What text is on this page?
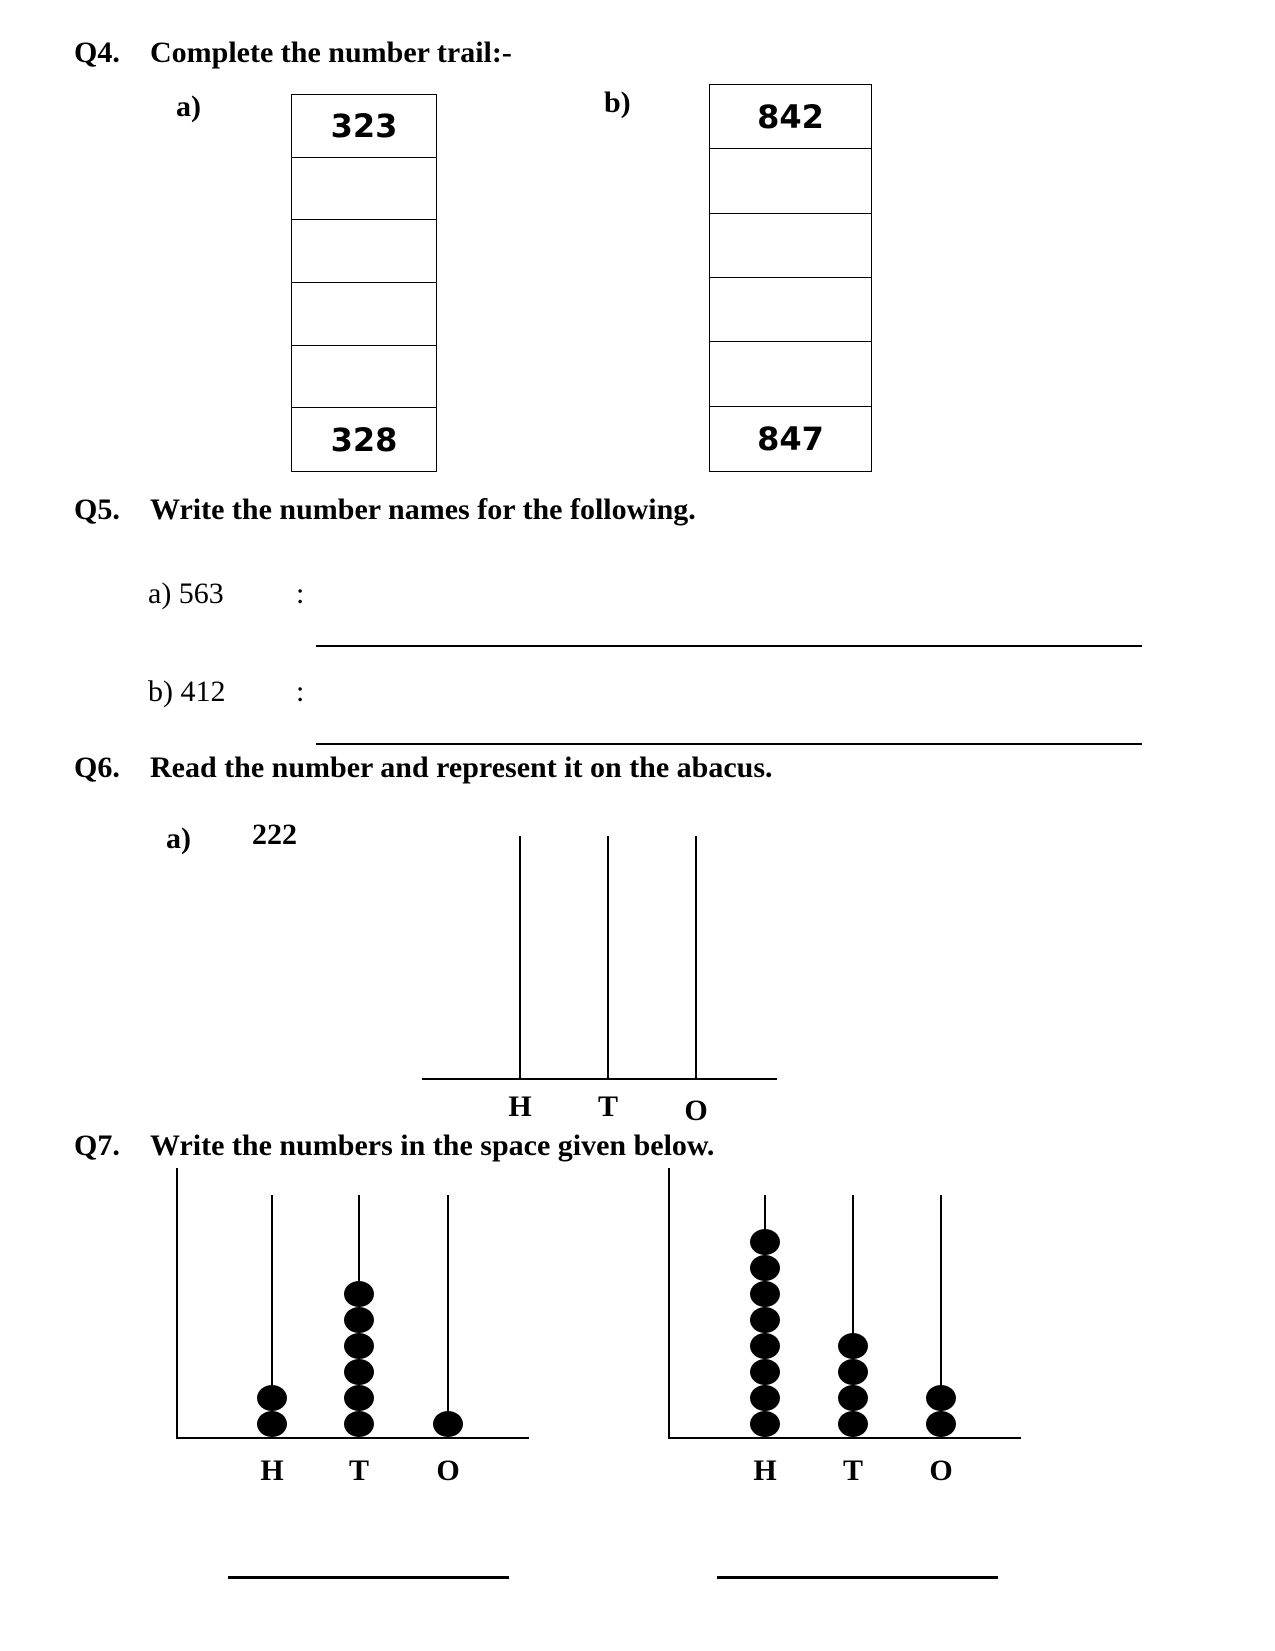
Q4. Complete the number trail:-
a)	b)
323
328
842
847
Q5. Write the number names for the following.
a) 563 :
b) 412 :
Q6. Read the number and represent it on the abacus.
a) 222
H	T	O
Q7. Write the numbers in the space given below.
H	T	O	H	T	O
